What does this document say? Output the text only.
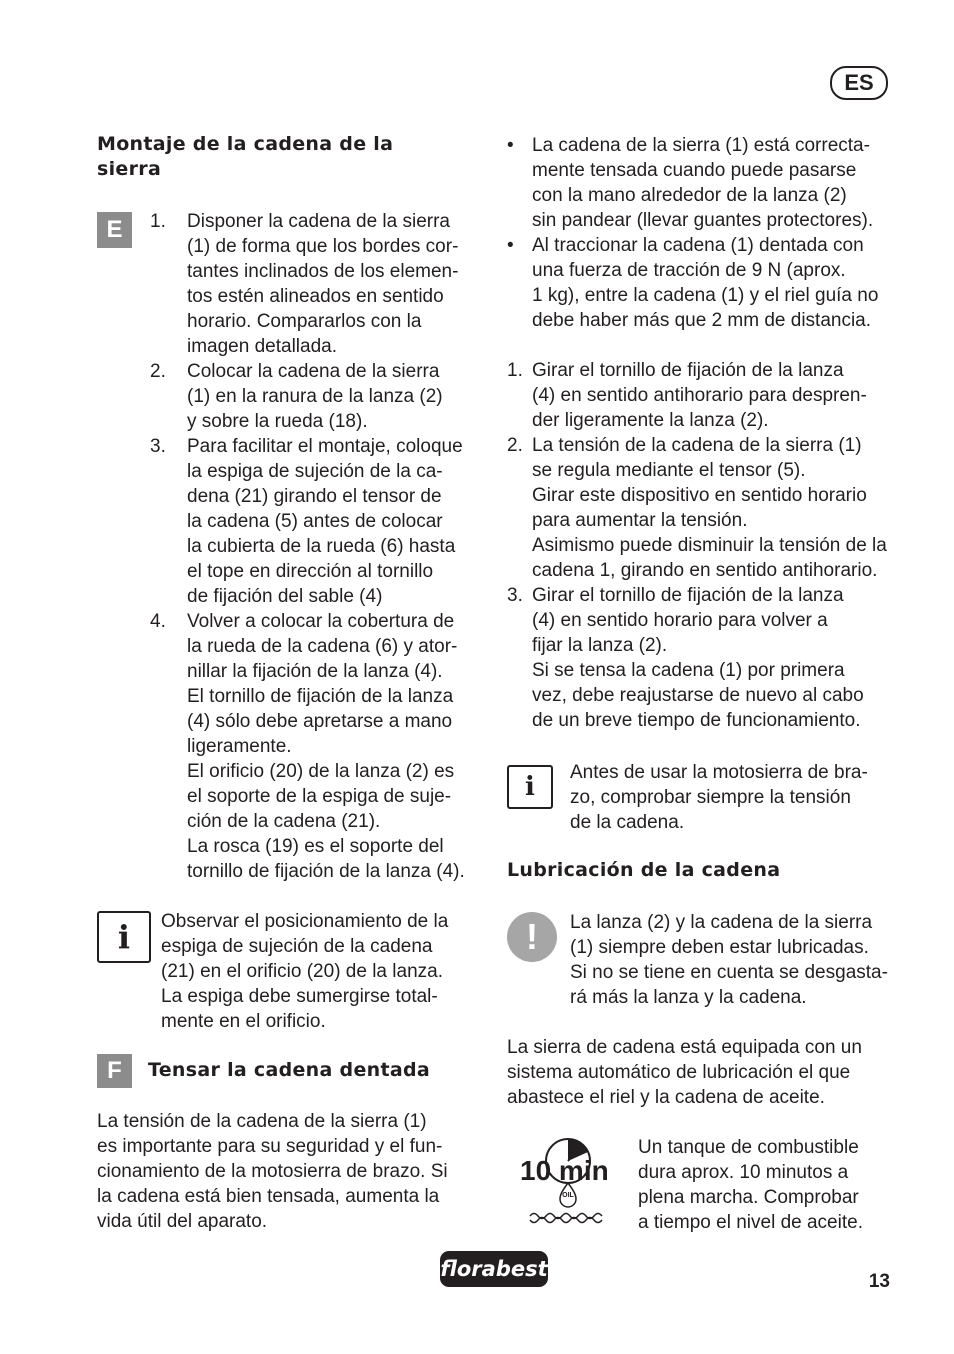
ES
Montaje de la cadena de la
sierra
E	1. Disponer la cadena de la sierra
(1) de forma que los bordes cor-
tantes inclinados de los elemen-
tos estén alineados en sentido
horario. Compararlos con la
imagen detallada.
2. Colocar la cadena de la sierra
(1) en la ranura de la lanza (2)
y sobre la rueda (18).
3. Para facilitar el montaje, coloque
la espiga de sujeción de la ca-
dena (21) girando el tensor de
la cadena (5) antes de colocar
la cubierta de la rueda (6) hasta
el tope en dirección al tornillo
de fijación del sable (4)
4. Volver a colocar la cobertura de
la rueda de la cadena (6) y ator-
nillar la fijación de la lanza (4).
El tornillo de fijación de la lanza
(4) sólo debe apretarse a mano
ligeramente.
El orificio (20) de la lanza (2) es
el soporte de la espiga de suje-
ción de la cadena (21).
La rosca (19) es el soporte del
tornillo de fijación de la lanza (4).
i	Observar el posicionamiento de la
espiga de sujeción de la cadena
(21) en el orificio (20) de la lanza.
La espiga debe sumergirse total-
mente en el orificio.
F	Tensar la cadena dentada
La tensión de la cadena de la sierra (1)
es importante para su seguridad y el fun-
cionamiento de la motosierra de brazo. Si
la cadena está bien tensada, aumenta la
vida útil del aparato.
• La cadena de la sierra (1) está correcta-
mente tensada cuando puede pasarse
con la mano alrededor de la lanza (2)
sin pandear (llevar guantes protectores).
• Al traccionar la cadena (1) dentada con
una fuerza de tracción de 9 N (aprox.
1 kg), entre la cadena (1) y el riel guía no
debe haber más que 2 mm de distancia.
1. Girar el tornillo de fijación de la lanza
(4) en sentido antihorario para despren-
der ligeramente la lanza (2).
2. La tensión de la cadena de la sierra (1)
se regula mediante el tensor (5).
Girar este dispositivo en sentido horario
para aumentar la tensión.
Asimismo puede disminuir la tensión de la
cadena 1, girando en sentido antihorario.
3. Girar el tornillo de fijación de la lanza
(4) en sentido horario para volver a
fijar la lanza (2).
Si se tensa la cadena (1) por primera
vez, debe reajustarse de nuevo al cabo
de un breve tiempo de funcionamiento.
i	Antes de usar la motosierra de bra-
zo, comprobar siempre la tensión
de la cadena.
Lubricación de la cadena
!	La lanza (2) y la cadena de la sierra
(1) siempre deben estar lubricadas.
Si no se tiene en cuenta se desgasta-
rá más la lanza y la cadena.
La sierra de cadena está equipada con un
sistema automático de lubricación el que
abastece el riel y la cadena de aceite.
10 min
OIL
Un tanque de combustible
dura aprox. 10 minutos a
plena marcha. Comprobar
a tiempo el nivel de aceite.
florabest
13
